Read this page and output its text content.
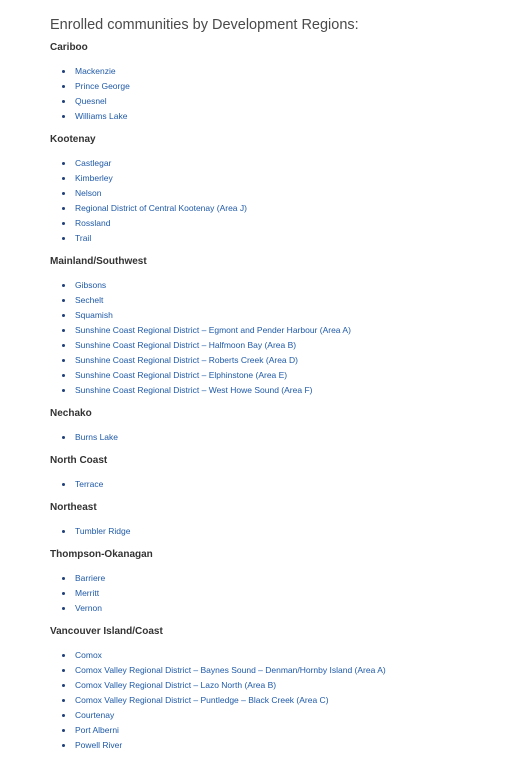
Enrolled communities by Development Regions:
Cariboo
Mackenzie
Prince George
Quesnel
Williams Lake
Kootenay
Castlegar
Kimberley
Nelson
Regional District of Central Kootenay (Area J)
Rossland
Trail
Mainland/Southwest
Gibsons
Sechelt
Squamish
Sunshine Coast Regional District – Egmont and Pender Harbour (Area A)
Sunshine Coast Regional District – Halfmoon Bay (Area B)
Sunshine Coast Regional District – Roberts Creek (Area D)
Sunshine Coast Regional District – Elphinstone (Area E)
Sunshine Coast Regional District – West Howe Sound (Area F)
Nechako
Burns Lake
North Coast
Terrace
Northeast
Tumbler Ridge
Thompson-Okanagan
Barriere
Merritt
Vernon
Vancouver Island/Coast
Comox
Comox Valley Regional District – Baynes Sound – Denman/Hornby Island (Area A)
Comox Valley Regional District – Lazo North (Area B)
Comox Valley Regional District – Puntledge – Black Creek (Area C)
Courtenay
Port Alberni
Powell River
